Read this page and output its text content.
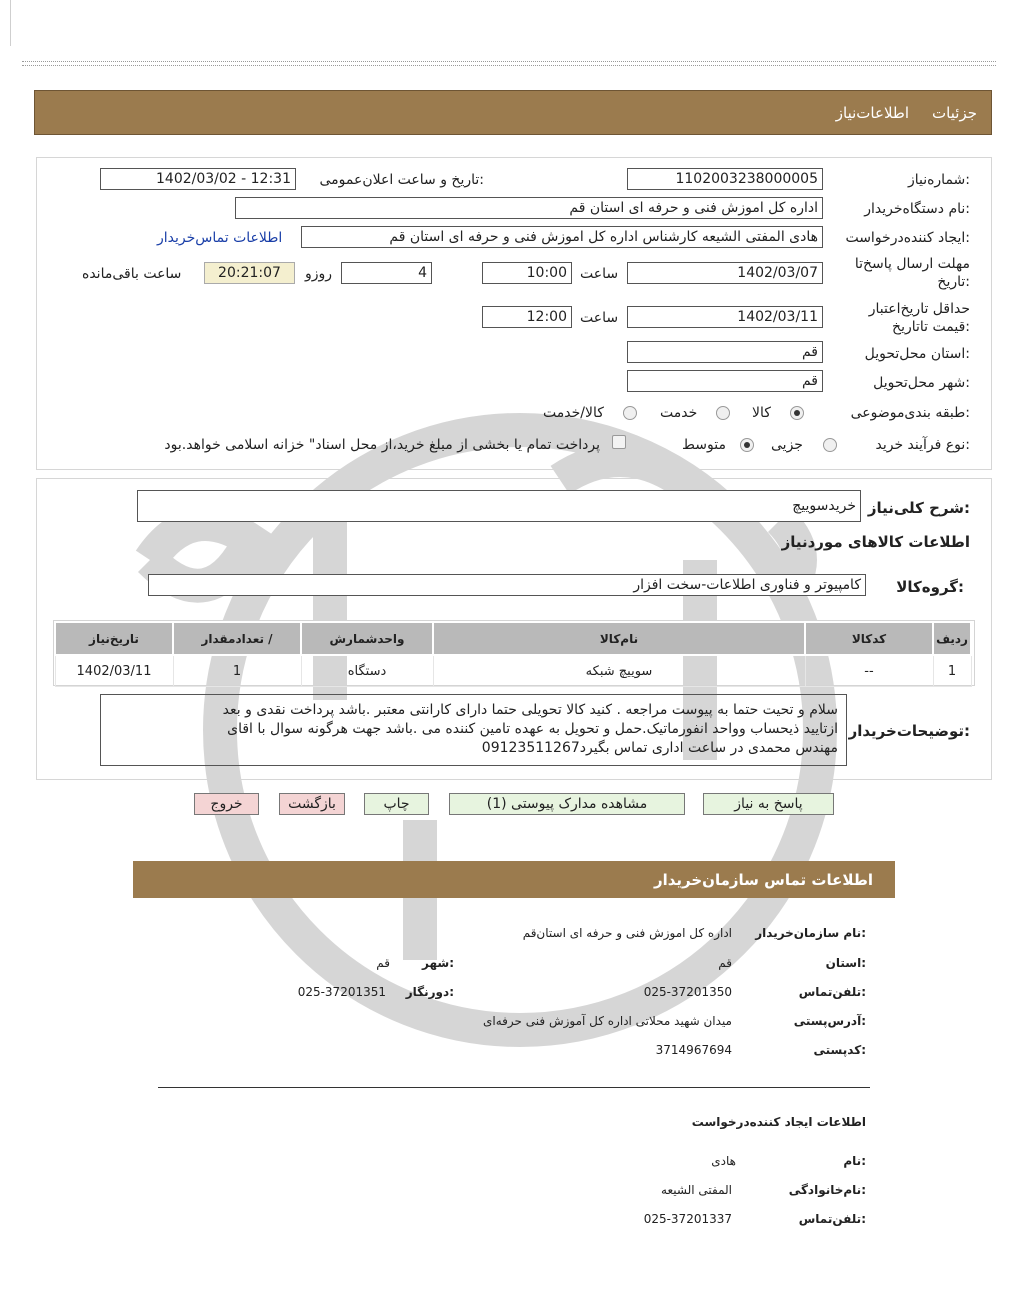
جزئیات
اطلاعات‌نیاز
شماره‌نیاز:
1102003238000005
تاریخ و ساعت اعلان‌عمومی:
1402/03/02 - 12:31
نام دستگاه‌خریدار:
اداره کل اموزش فنی و حرفه ای استان قم
ایجاد کننده‌درخواست:
هادی المفتی الشیعه کارشناس اداره کل اموزش فنی و حرفه ای استان قم
اطلاعات تماس‌خریدار
مهلت ارسال پاسخ‌تا
تاریخ:
1402/03/07
ساعت
10:00
4
روزو
20:21:07
ساعت باقی‌مانده
حداقل تاریخ‌اعتبار
قیمت تا‌تاریخ:
1402/03/11
ساعت
12:00
استان محل‌تحویل:
قم
شهر محل‌تحویل:
قم
طبقه بندی‌موضوعی:
کالا
خدمت
کالا/خدمت
نوع فرآیند خرید:
جزیی
متوسط
پرداخت تمام یا بخشی از مبلغ خرید،از محل اسناد" خزانه اسلامی خواهد.بود
شرح کلی‌نیاز:
خریدسوییچ
اطلاعات کالاهای موردنیاز
گروه‌کالا:
کامپیوتر و فناوری اطلاعات-سخت افزار
ردیف	کدکالا	نام‌کالا	واحدشمارش	/ تعدادمقدار	تاریخ‌نیاز
1	--	سوییچ شبکه	دستگاه	1	1402/03/11
توضیحات‌خریدار:
سلام و تحیت حتما به پیوست مراجعه . کنید کالا تحویلی حتما دارای کارانتی معتبر .باشد پرداخت نقدی و بعد
ازتایید ذیحساب وواحد انفورماتیک.حمل و تحویل به عهده تامین کننده می .باشد جهت هرگونه سوال با اقای
مهندس محمدی در ساعت اداری تماس بگیرد09123511267
پاسخ به نیاز
مشاهده مدارک پیوستی (1)
چاپ
بازگشت
خروج
اطلاعات تماس سازمان‌خریدار
نام سازمان‌خریدار:
اداره کل اموزش فنی و حرفه ای استان‌قم
استان:
قم
شهر:
قم
تلفن‌تماس:
025-37201350
دورنگار:
025-37201351
آدرس‌پستی:
میدان شهید محلاتی اداره کل آموزش فنی حرفه‌ای
کدپستی:
3714967694
اطلاعات ایجاد کننده‌درخواست
نام:
هادی
نام‌خانوادگی:
المفتی الشیعه
تلفن‌تماس:
025-37201337
